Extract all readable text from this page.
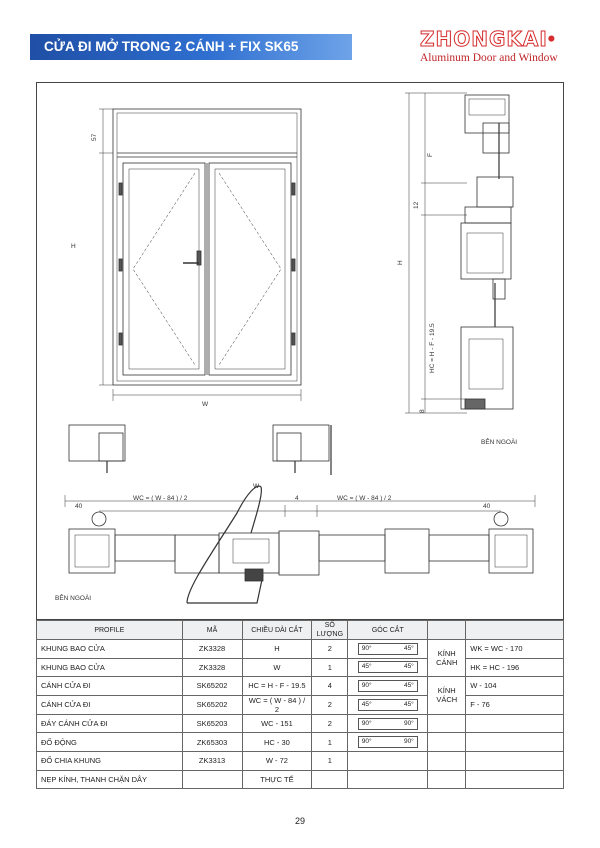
CỬA ĐI MỞ TRONG 2 CÁNH + FIX SK65	ZHONGKAI®
Aluminum Door and Window
57
H
W
F
12
H
HC = H - F - 19.5
8
BÊN NGOÀI
W
WC = ( W - 84 ) / 2	WC = ( W - 84 ) / 2
40	40
4
BÊN NGOÀI
PROFILE	MÃ	CHIỀU DÀI CẮT	SỐ LƯỢNG	GÓC CẮT		
KHUNG BAO CỬA	ZK3328	H	2	90° 45°	KÍNH CÁNH	WK = WC - 170
KHUNG BAO CỬA	ZK3328	W	1	45° 45°		HK = HC - 196
CÁNH CỬA ĐI	SK65202	HC = H - F - 19.5	4	90° 45°	KÍNH VÁCH	W - 104
CÁNH CỬA ĐI	SK65202	WC = ( W - 84 ) / 2	2	45° 45°		F - 76
ĐÁY CÁNH CỬA ĐI	SK65203	WC - 151	2	90° 90°		

ĐỐ ĐỘNG	ZK65303	HC - 30	1	90° 90°		

ĐỐ CHIA KHUNG	ZK3313	W - 72	1			
NẸP KÍNH, THANH CHẶN DÂY		THỰC TẾ				
29
